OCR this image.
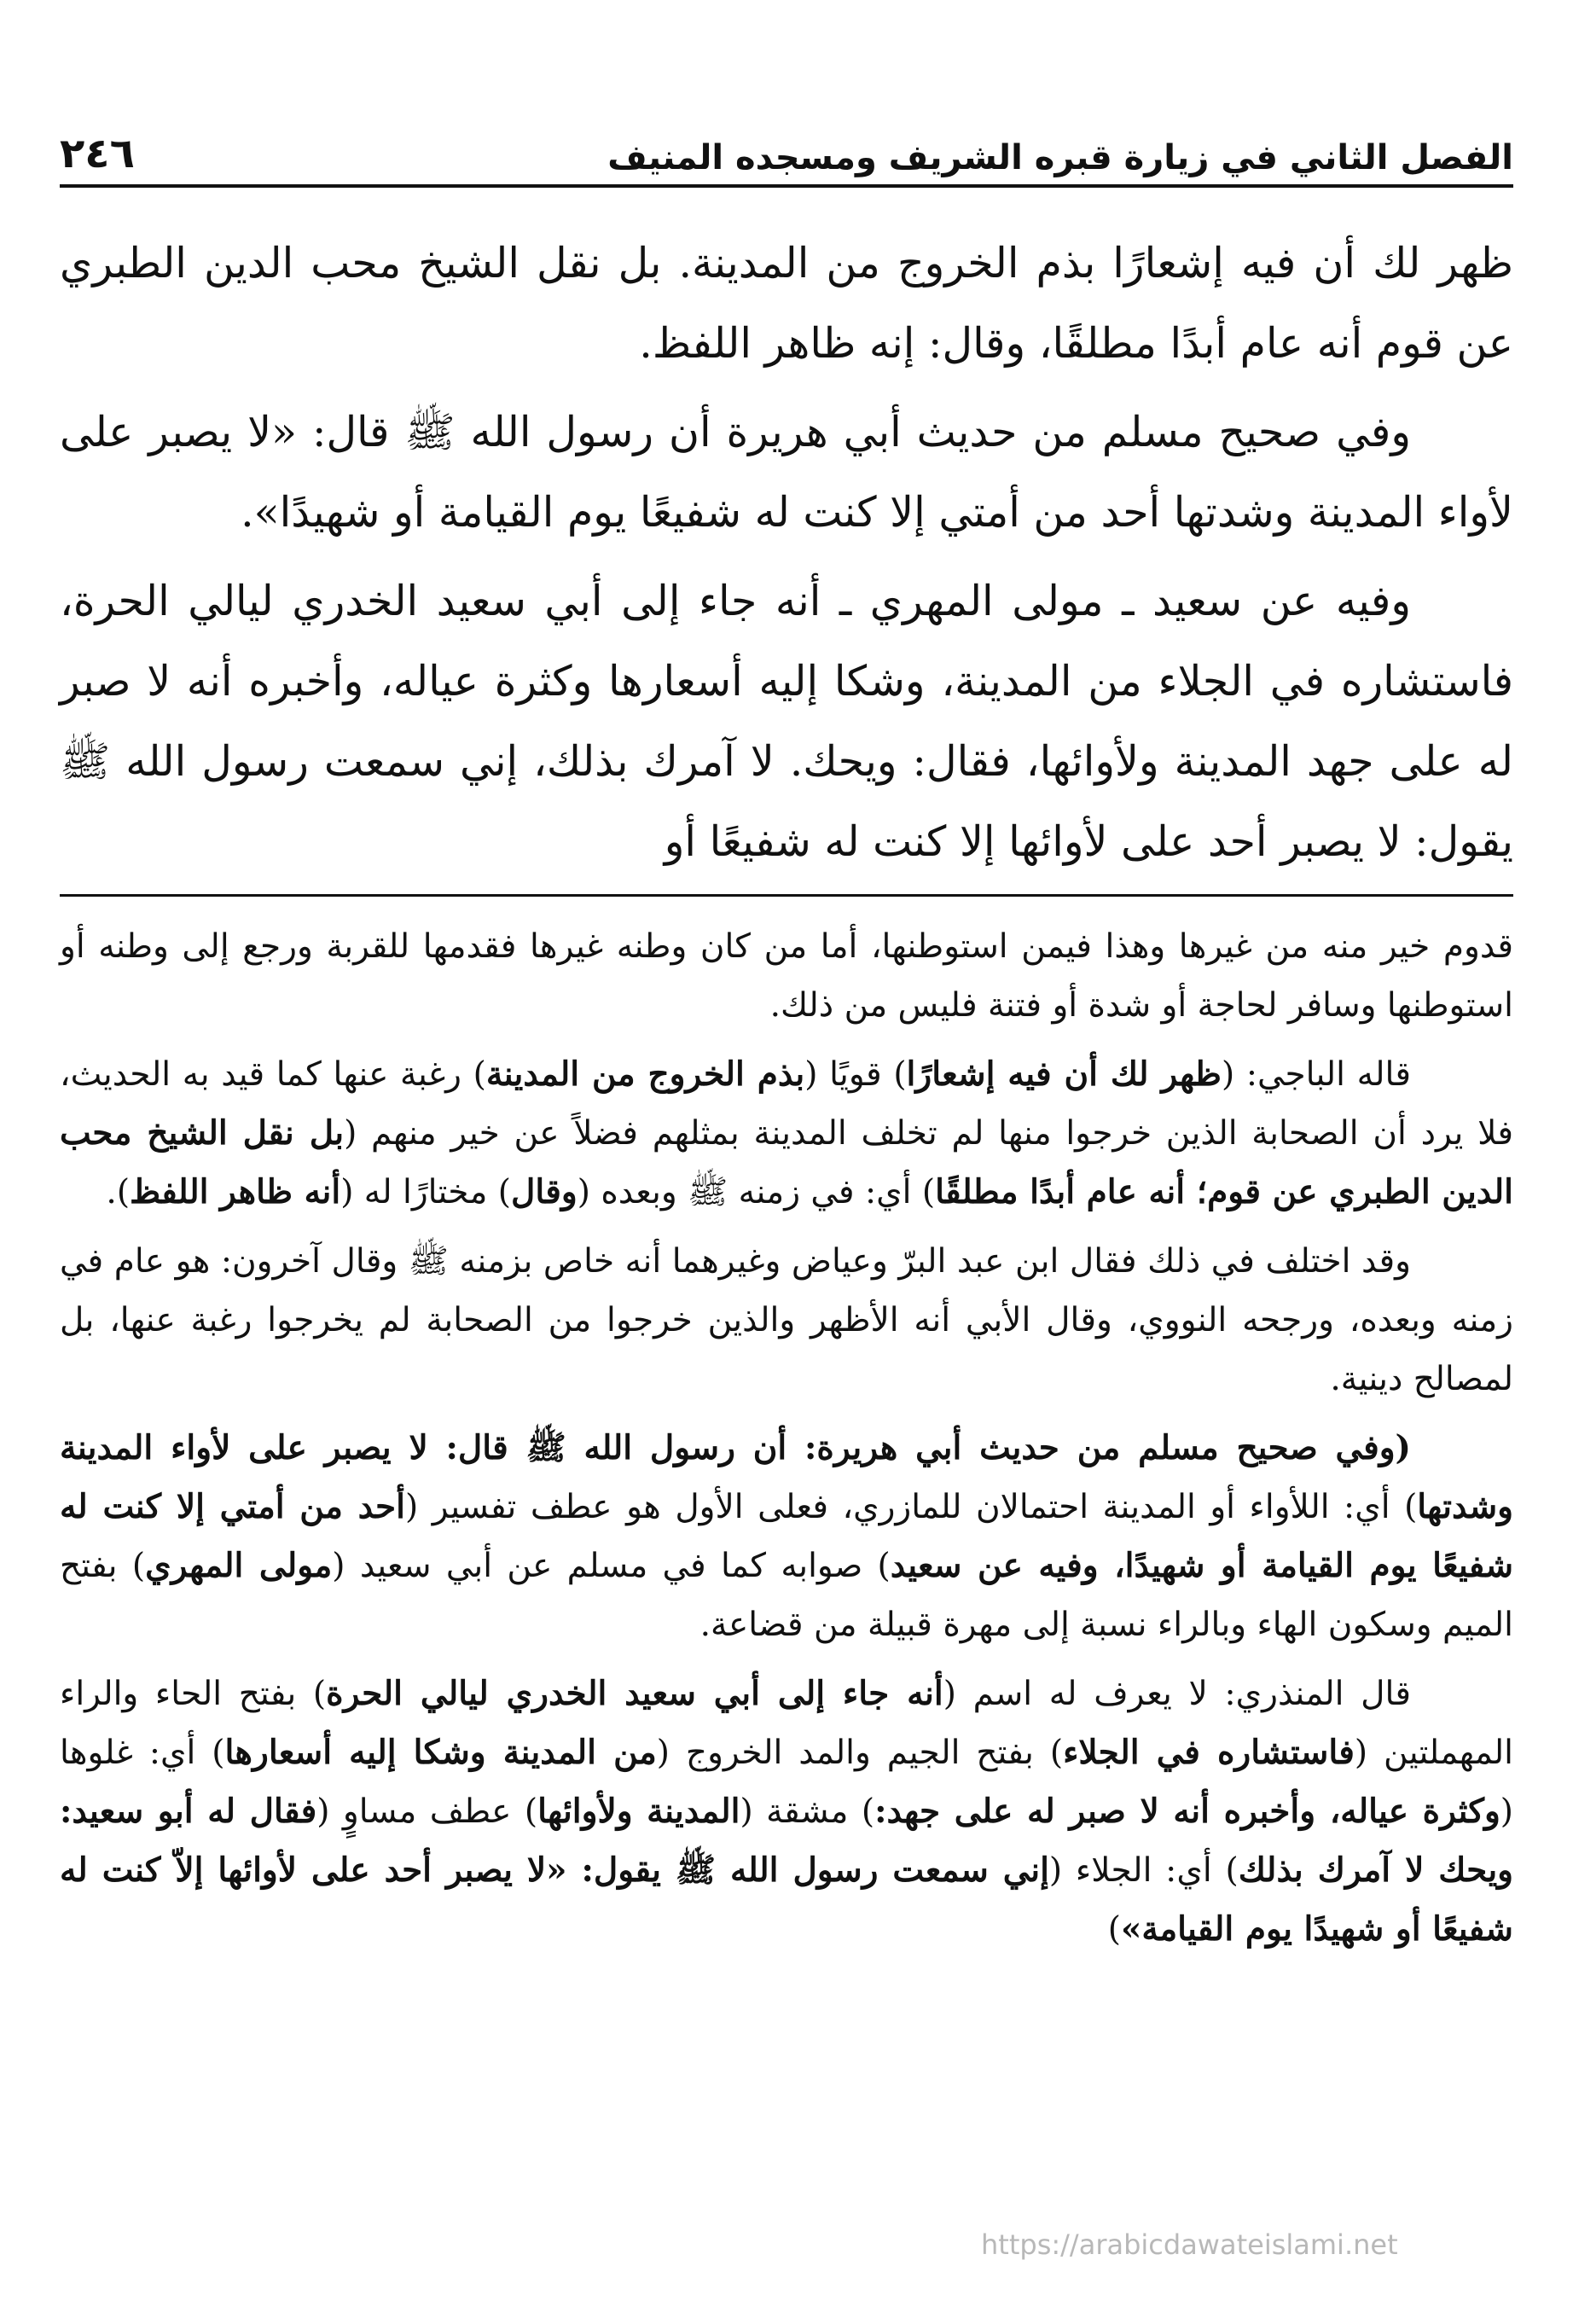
الفصل الثاني في زيارة قبره الشريف ومسجده المنيف
٢٤٦

ظهر لك أن فيه إشعارًا بذم الخروج من المدينة. بل نقل الشيخ محب الدين الطبري عن قوم أنه عام أبدًا مطلقًا، وقال: إنه ظاهر اللفظ.

وفي صحيح مسلم من حديث أبي هريرة أن رسول الله ﷺ قال: «لا يصبر على لأواء المدينة وشدتها أحد من أمتي إلا كنت له شفيعًا يوم القيامة أو شهيدًا».

وفيه عن سعيد ـ مولى المهري ـ أنه جاء إلى أبي سعيد الخدري ليالي الحرة، فاستشاره في الجلاء من المدينة، وشكا إليه أسعارها وكثرة عياله، وأخبره أنه لا صبر له على جهد المدينة ولأوائها، فقال: ويحك. لا آمرك بذلك، إني سمعت رسول الله ﷺ يقول: لا يصبر أحد على لأوائها إلا كنت له شفيعًا أو

قدوم خير منه من غيرها وهذا فيمن استوطنها، أما من كان وطنه غيرها فقدمها للقربة ورجع إلى وطنه أو استوطنها وسافر لحاجة أو شدة أو فتنة فليس من ذلك.

قاله الباجي: (ظهر لك أن فيه إشعارًا) قويًا (بذم الخروج من المدينة) رغبة عنها كما قيد به الحديث، فلا يرد أن الصحابة الذين خرجوا منها لم تخلف المدينة بمثلهم فضلاً عن خير منهم (بل نقل الشيخ محب الدين الطبري عن قوم؛ أنه عام أبدًا مطلقًا) أي: في زمنه ﷺ وبعده (وقال) مختارًا له (أنه ظاهر اللفظ).

وقد اختلف في ذلك فقال ابن عبد البرّ وعياض وغيرهما أنه خاص بزمنه ﷺ وقال آخرون: هو عام في زمنه وبعده، ورجحه النووي، وقال الأبي أنه الأظهر والذين خرجوا من الصحابة لم يخرجوا رغبة عنها، بل لمصالح دينية.

(وفي صحيح مسلم من حديث أبي هريرة: أن رسول الله ﷺ قال: لا يصبر على لأواء المدينة وشدتها) أي: اللأواء أو المدينة احتمالان للمازري، فعلى الأول هو عطف تفسير (أحد من أمتي إلا كنت له شفيعًا يوم القيامة أو شهيدًا، وفيه عن سعيد) صوابه كما في مسلم عن أبي سعيد (مولى المهري) بفتح الميم وسكون الهاء وبالراء نسبة إلى مهرة قبيلة من قضاعة.

قال المنذري: لا يعرف له اسم (أنه جاء إلى أبي سعيد الخدري ليالي الحرة) بفتح الحاء والراء المهملتين (فاستشاره في الجلاء) بفتح الجيم والمد الخروج (من المدينة وشكا إليه أسعارها) أي: غلوها (وكثرة عياله، وأخبره أنه لا صبر له على جهد:) مشقة (المدينة ولأوائها) عطف مساوٍ (فقال له أبو سعيد: ويحك لا آمرك بذلك) أي: الجلاء (إني سمعت رسول الله ﷺ يقول: «لا يصبر أحد على لأوائها إلاّ كنت له شفيعًا أو شهيدًا يوم القيامة»)

https://arabicdawateislami.net
